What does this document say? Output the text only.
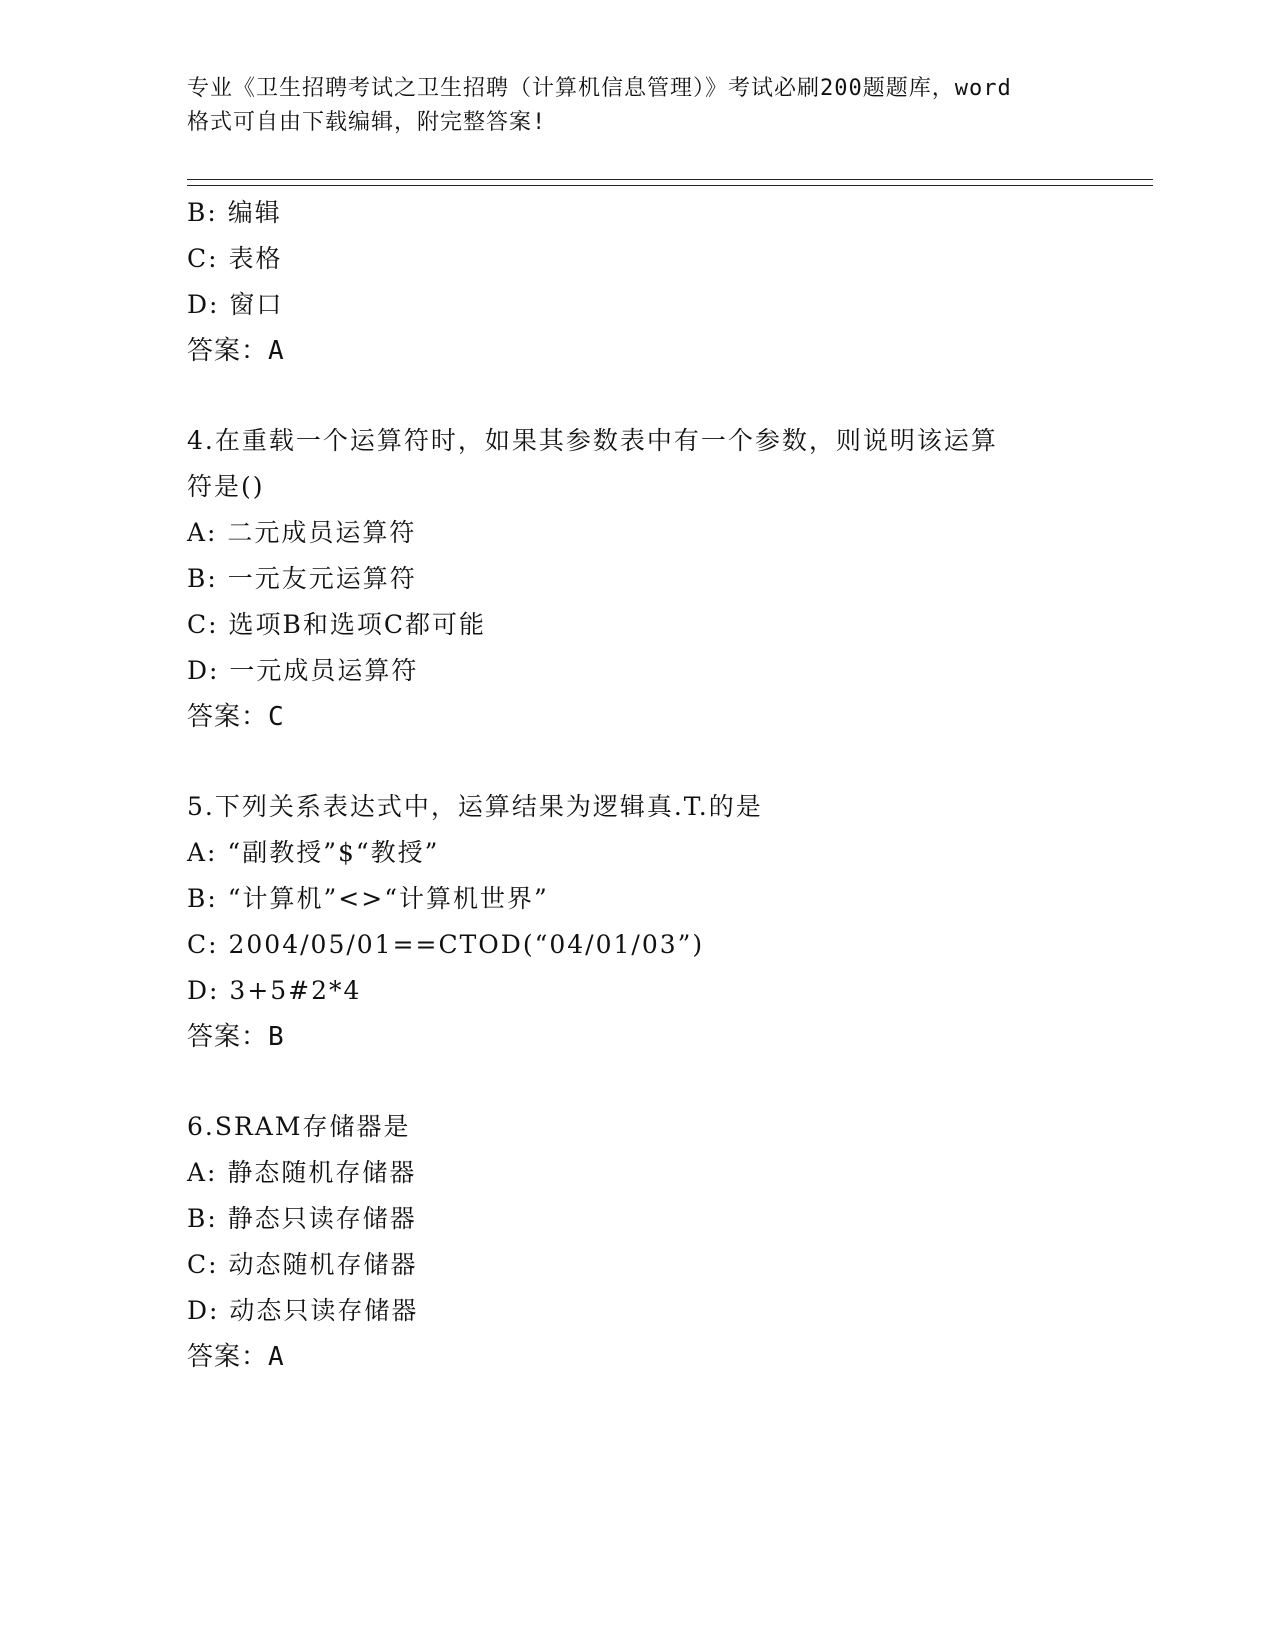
专业《卫生招聘考试之卫生招聘（计算机信息管理）》考试必刷200题题库，word
格式可自由下载编辑，附完整答案!
B: 编辑
C: 表格
D: 窗口
答案：A
4.在重载一个运算符时，如果其参数表中有一个参数，则说明该运算
符是()
A: 二元成员运算符
B: 一元友元运算符
C: 选项B和选项C都可能
D: 一元成员运算符
答案：C
5.下列关系表达式中，运算结果为逻辑真.T.的是
A: “副教授”$“教授”
B: “计算机”<>“计算机世界”
C: 2004/05/01==CTOD(“04/01/03”)
D: 3+5#2*4
答案：B
6.SRAM存储器是
A: 静态随机存储器
B: 静态只读存储器
C: 动态随机存储器
D: 动态只读存储器
答案：A
